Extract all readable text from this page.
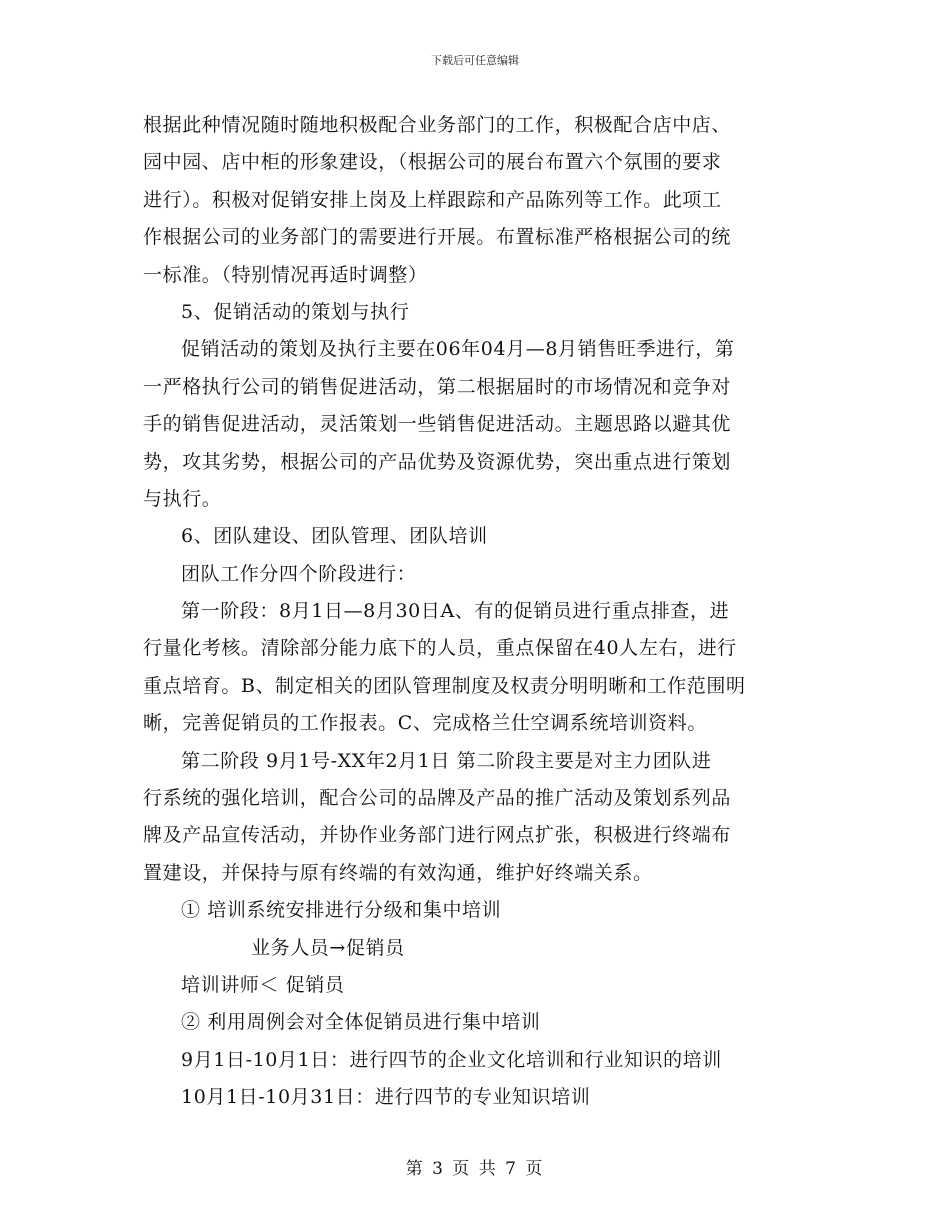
下载后可任意编辑
根据此种情况随时随地积极配合业务部门的工作，积极配合店中店、
园中园、店中柜的形象建设，（根据公司的展台布置六个氛围的要求
进行）。积极对促销安排上岗及上样跟踪和产品陈列等工作。此项工
作根据公司的业务部门的需要进行开展。布置标准严格根据公司的统
一标准。（特别情况再适时调整）
5、促销活动的策划与执行
促销活动的策划及执行主要在06年04月—8月销售旺季进行，第
一严格执行公司的销售促进活动，第二根据届时的市场情况和竞争对
手的销售促进活动，灵活策划一些销售促进活动。主题思路以避其优
势，攻其劣势，根据公司的产品优势及资源优势，突出重点进行策划
与执行。
6、团队建设、团队管理、团队培训
团队工作分四个阶段进行：
第一阶段：8月1日—8月30日A、有的促销员进行重点排查，进
行量化考核。清除部分能力底下的人员，重点保留在40人左右，进行
重点培育。B、制定相关的团队管理制度及权责分明明晰和工作范围明
晰，完善促销员的工作报表。C、完成格兰仕空调系统培训资料。
第二阶段 9月1号-XX年2月1日 第二阶段主要是对主力团队进
行系统的强化培训，配合公司的品牌及产品的推广活动及策划系列品
牌及产品宣传活动，并协作业务部门进行网点扩张，积极进行终端布
置建设，并保持与原有终端的有效沟通，维护好终端关系。
① 培训系统安排进行分级和集中培训
业务人员→促销员
培训讲师＜ 促销员
② 利用周例会对全体促销员进行集中培训
9月1日-10月1日：进行四节的企业文化培训和行业知识的培训
10月1日-10月31日：进行四节的专业知识培训
第 3 页 共 7 页
